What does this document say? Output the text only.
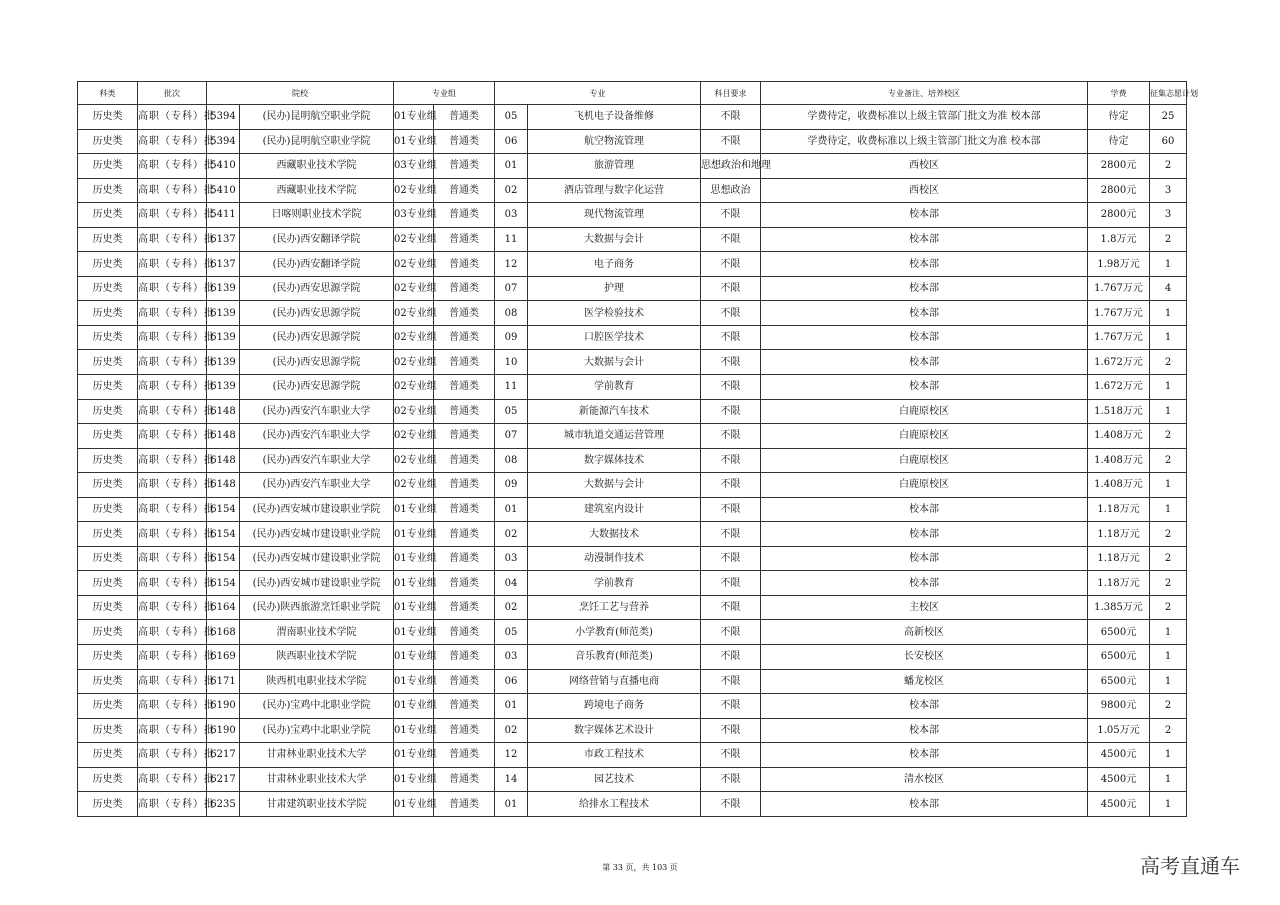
科类	批次	院校		专业组		专业		科目要求	专业备注、培养校区	学费	征集志愿计划
历史类	高职（专科）批	5394	(民办)昆明航空职业学院	01专业组	普通类	05	飞机电子设备维修	不限	学费待定，收费标准以上级主管部门批文为准 校本部	待定	25
历史类	高职（专科）批	5394	(民办)昆明航空职业学院	01专业组	普通类	06	航空物流管理	不限	学费待定，收费标准以上级主管部门批文为准 校本部	待定	60
历史类	高职（专科）批	5410	西藏职业技术学院	03专业组	普通类	01	旅游管理	思想政治和地理	西校区	2800元	2
历史类	高职（专科）批	5410	西藏职业技术学院	02专业组	普通类	02	酒店管理与数字化运营	思想政治	西校区	2800元	3
历史类	高职（专科）批	5411	日喀则职业技术学院	03专业组	普通类	03	现代物流管理	不限	校本部	2800元	3
历史类	高职（专科）批	6137	(民办)西安翻译学院	02专业组	普通类	11	大数据与会计	不限	校本部	1.8万元	2
历史类	高职（专科）批	6137	(民办)西安翻译学院	02专业组	普通类	12	电子商务	不限	校本部	1.98万元	1
历史类	高职（专科）批	6139	(民办)西安思源学院	02专业组	普通类	07	护理	不限	校本部	1.767万元	4
历史类	高职（专科）批	6139	(民办)西安思源学院	02专业组	普通类	08	医学检验技术	不限	校本部	1.767万元	1
历史类	高职（专科）批	6139	(民办)西安思源学院	02专业组	普通类	09	口腔医学技术	不限	校本部	1.767万元	1
历史类	高职（专科）批	6139	(民办)西安思源学院	02专业组	普通类	10	大数据与会计	不限	校本部	1.672万元	2
历史类	高职（专科）批	6139	(民办)西安思源学院	02专业组	普通类	11	学前教育	不限	校本部	1.672万元	1
历史类	高职（专科）批	6148	(民办)西安汽车职业大学	02专业组	普通类	05	新能源汽车技术	不限	白鹿原校区	1.518万元	1
历史类	高职（专科）批	6148	(民办)西安汽车职业大学	02专业组	普通类	07	城市轨道交通运营管理	不限	白鹿原校区	1.408万元	2
历史类	高职（专科）批	6148	(民办)西安汽车职业大学	02专业组	普通类	08	数字媒体技术	不限	白鹿原校区	1.408万元	2
历史类	高职（专科）批	6148	(民办)西安汽车职业大学	02专业组	普通类	09	大数据与会计	不限	白鹿原校区	1.408万元	1
历史类	高职（专科）批	6154	(民办)西安城市建设职业学院	01专业组	普通类	01	建筑室内设计	不限	校本部	1.18万元	1
历史类	高职（专科）批	6154	(民办)西安城市建设职业学院	01专业组	普通类	02	大数据技术	不限	校本部	1.18万元	2
历史类	高职（专科）批	6154	(民办)西安城市建设职业学院	01专业组	普通类	03	动漫制作技术	不限	校本部	1.18万元	2
历史类	高职（专科）批	6154	(民办)西安城市建设职业学院	01专业组	普通类	04	学前教育	不限	校本部	1.18万元	2
历史类	高职（专科）批	6164	(民办)陕西旅游烹饪职业学院	01专业组	普通类	02	烹饪工艺与营养	不限	主校区	1.385万元	2
历史类	高职（专科）批	6168	渭南职业技术学院	01专业组	普通类	05	小学教育(师范类)	不限	高新校区	6500元	1
历史类	高职（专科）批	6169	陕西职业技术学院	01专业组	普通类	03	音乐教育(师范类)	不限	长安校区	6500元	1
历史类	高职（专科）批	6171	陕西机电职业技术学院	01专业组	普通类	06	网络营销与直播电商	不限	蟠龙校区	6500元	1
历史类	高职（专科）批	6190	(民办)宝鸡中北职业学院	01专业组	普通类	01	跨境电子商务	不限	校本部	9800元	2
历史类	高职（专科）批	6190	(民办)宝鸡中北职业学院	01专业组	普通类	02	数字媒体艺术设计	不限	校本部	1.05万元	2
历史类	高职（专科）批	6217	甘肃林业职业技术大学	01专业组	普通类	12	市政工程技术	不限	校本部	4500元	1
历史类	高职（专科）批	6217	甘肃林业职业技术大学	01专业组	普通类	14	园艺技术	不限	清水校区	4500元	1
历史类	高职（专科）批	6235	甘肃建筑职业技术学院	01专业组	普通类	01	给排水工程技术	不限	校本部	4500元	1
第 33 页，共 103 页	高考直通车
